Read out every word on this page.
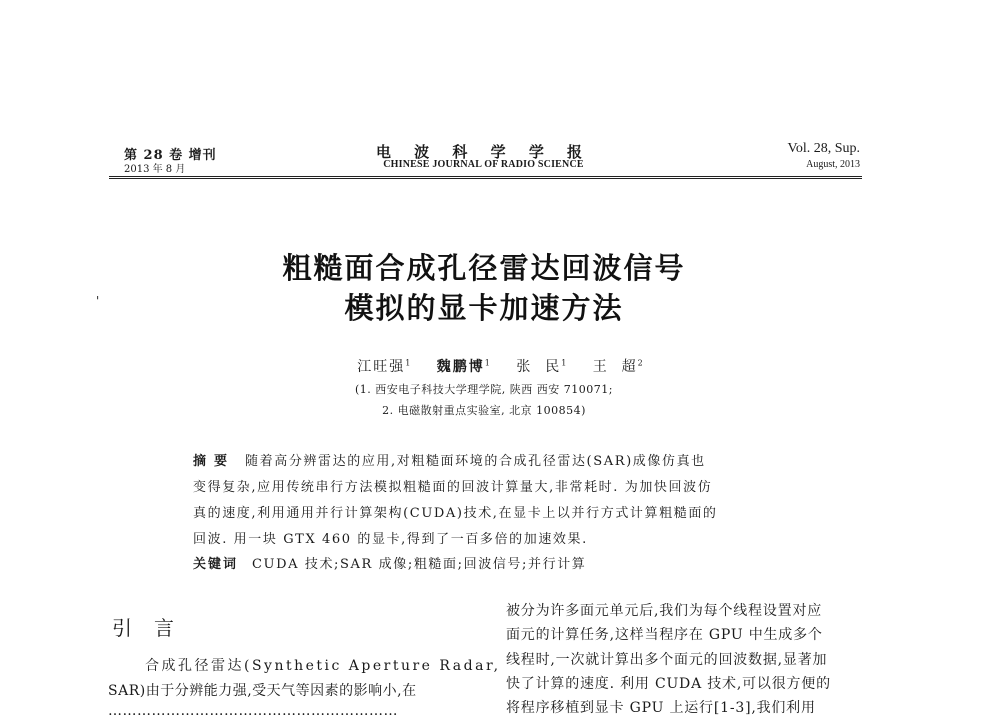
第 28 卷 增刊
2013 年 8 月
电 波 科 学 学 报
CHINESE JOURNAL OF RADIO SCIENCE
Vol. 28, Sup.
August, 2013
'
粗糙面合成孔径雷达回波信号
模拟的显卡加速方法
江旺强$^1$ 魏鹏博$^1$ 张  民$^1$ 王  超$^2$
(1. 西安电子科技大学理学院, 陕西 西安 710071;
2. 电磁散射重点实验室, 北京 100854)
摘要 随着高分辨雷达的应用,对粗糙面环境的合成孔径雷达(SAR)成像仿真也
变得复杂,应用传统串行方法模拟粗糙面的回波计算量大,非常耗时. 为加快回波仿
真的速度,利用通用并行计算架构(CUDA)技术,在显卡上以并行方式计算粗糙面的
回波. 用一块 GTX 460 的显卡,得到了一百多倍的加速效果.
关键词 CUDA 技术;SAR 成像;粗糙面;回波信号;并行计算
引言
合成孔径雷达(Synthetic Aperture Radar,
SAR)由于分辨能力强,受天气等因素的影响小,在
……………………………………………………
被分为许多面元单元后,我们为每个线程设置对应
面元的计算任务,这样当程序在 GPU 中生成多个
线程时,一次就计算出多个面元的回波数据,显著加
快了计算的速度. 利用 CUDA 技术,可以很方便的
将程序移植到显卡 GPU 上运行[1-3],我们利用
